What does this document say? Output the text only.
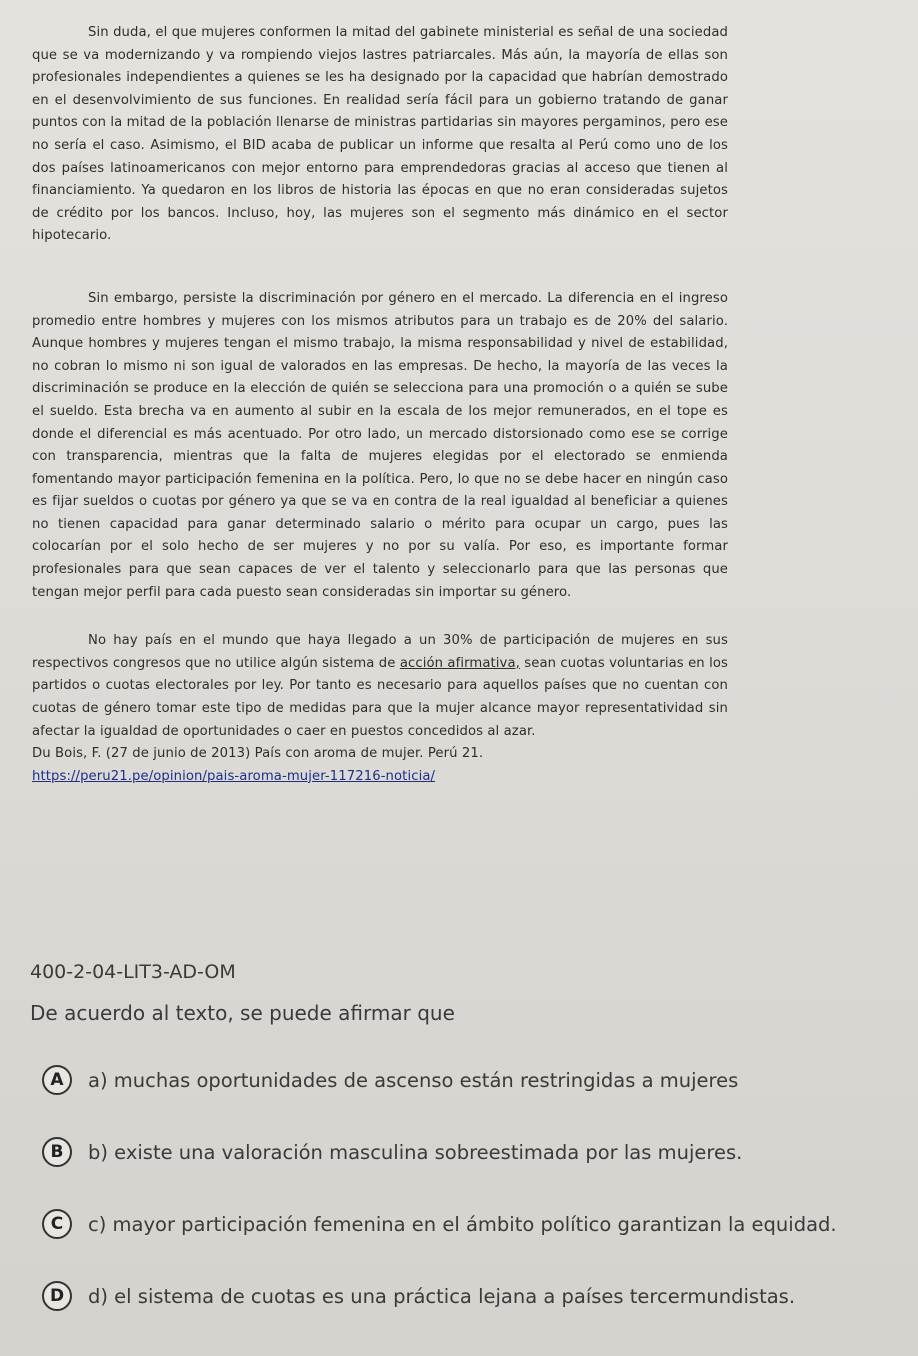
Sin duda, el que mujeres conformen la mitad del gabinete ministerial es señal de una sociedad que se va modernizando y va rompiendo viejos lastres patriarcales. Más aún, la mayoría de ellas son profesionales independientes a quienes se les ha designado por la capacidad que habrían demostrado en el desenvolvimiento de sus funciones. En realidad sería fácil para un gobierno tratando de ganar puntos con la mitad de la población llenarse de ministras partidarias sin mayores pergaminos, pero ese no sería el caso. Asimismo, el BID acaba de publicar un informe que resalta al Perú como uno de los dos países latinoamericanos con mejor entorno para emprendedoras gracias al acceso que tienen al financiamiento. Ya quedaron en los libros de historia las épocas en que no eran consideradas sujetos de crédito por los bancos. Incluso, hoy, las mujeres son el segmento más dinámico en el sector hipotecario.

Sin embargo, persiste la discriminación por género en el mercado. La diferencia en el ingreso promedio entre hombres y mujeres con los mismos atributos para un trabajo es de 20% del salario. Aunque hombres y mujeres tengan el mismo trabajo, la misma responsabilidad y nivel de estabilidad, no cobran lo mismo ni son igual de valorados en las empresas. De hecho, la mayoría de las veces la discriminación se produce en la elección de quién se selecciona para una promoción o a quién se sube el sueldo. Esta brecha va en aumento al subir en la escala de los mejor remunerados, en el tope es donde el diferencial es más acentuado. Por otro lado, un mercado distorsionado como ese se corrige con transparencia, mientras que la falta de mujeres elegidas por el electorado se enmienda fomentando mayor participación femenina en la política. Pero, lo que no se debe hacer en ningún caso es fijar sueldos o cuotas por género ya que se va en contra de la real igualdad al beneficiar a quienes no tienen capacidad para ganar determinado salario o mérito para ocupar un cargo, pues las colocarían por el solo hecho de ser mujeres y no por su valía. Por eso, es importante formar profesionales para que sean capaces de ver el talento y seleccionarlo para que las personas que tengan mejor perfil para cada puesto sean consideradas sin importar su género.

No hay país en el mundo que haya llegado a un 30% de participación de mujeres en sus respectivos congresos que no utilice algún sistema de acción afirmativa, sean cuotas voluntarias en los partidos o cuotas electorales por ley. Por tanto es necesario para aquellos países que no cuentan con cuotas de género tomar este tipo de medidas para que la mujer alcance mayor representatividad sin afectar la igualdad de oportunidades o caer en puestos concedidos al azar.

Du Bois, F. (27 de junio de 2013) País con aroma de mujer. Perú 21.
https://peru21.pe/opinion/pais-aroma-mujer-117216-noticia/

400-2-04-LIT3-AD-OM
De acuerdo al texto, se puede afirmar que
A	a) muchas oportunidades de ascenso están restringidas a mujeres
B	b) existe una valoración masculina sobreestimada por las mujeres.
C	c) mayor participación femenina en el ámbito político garantizan la equidad.
D	d) el sistema de cuotas es una práctica lejana a países tercermundistas.
